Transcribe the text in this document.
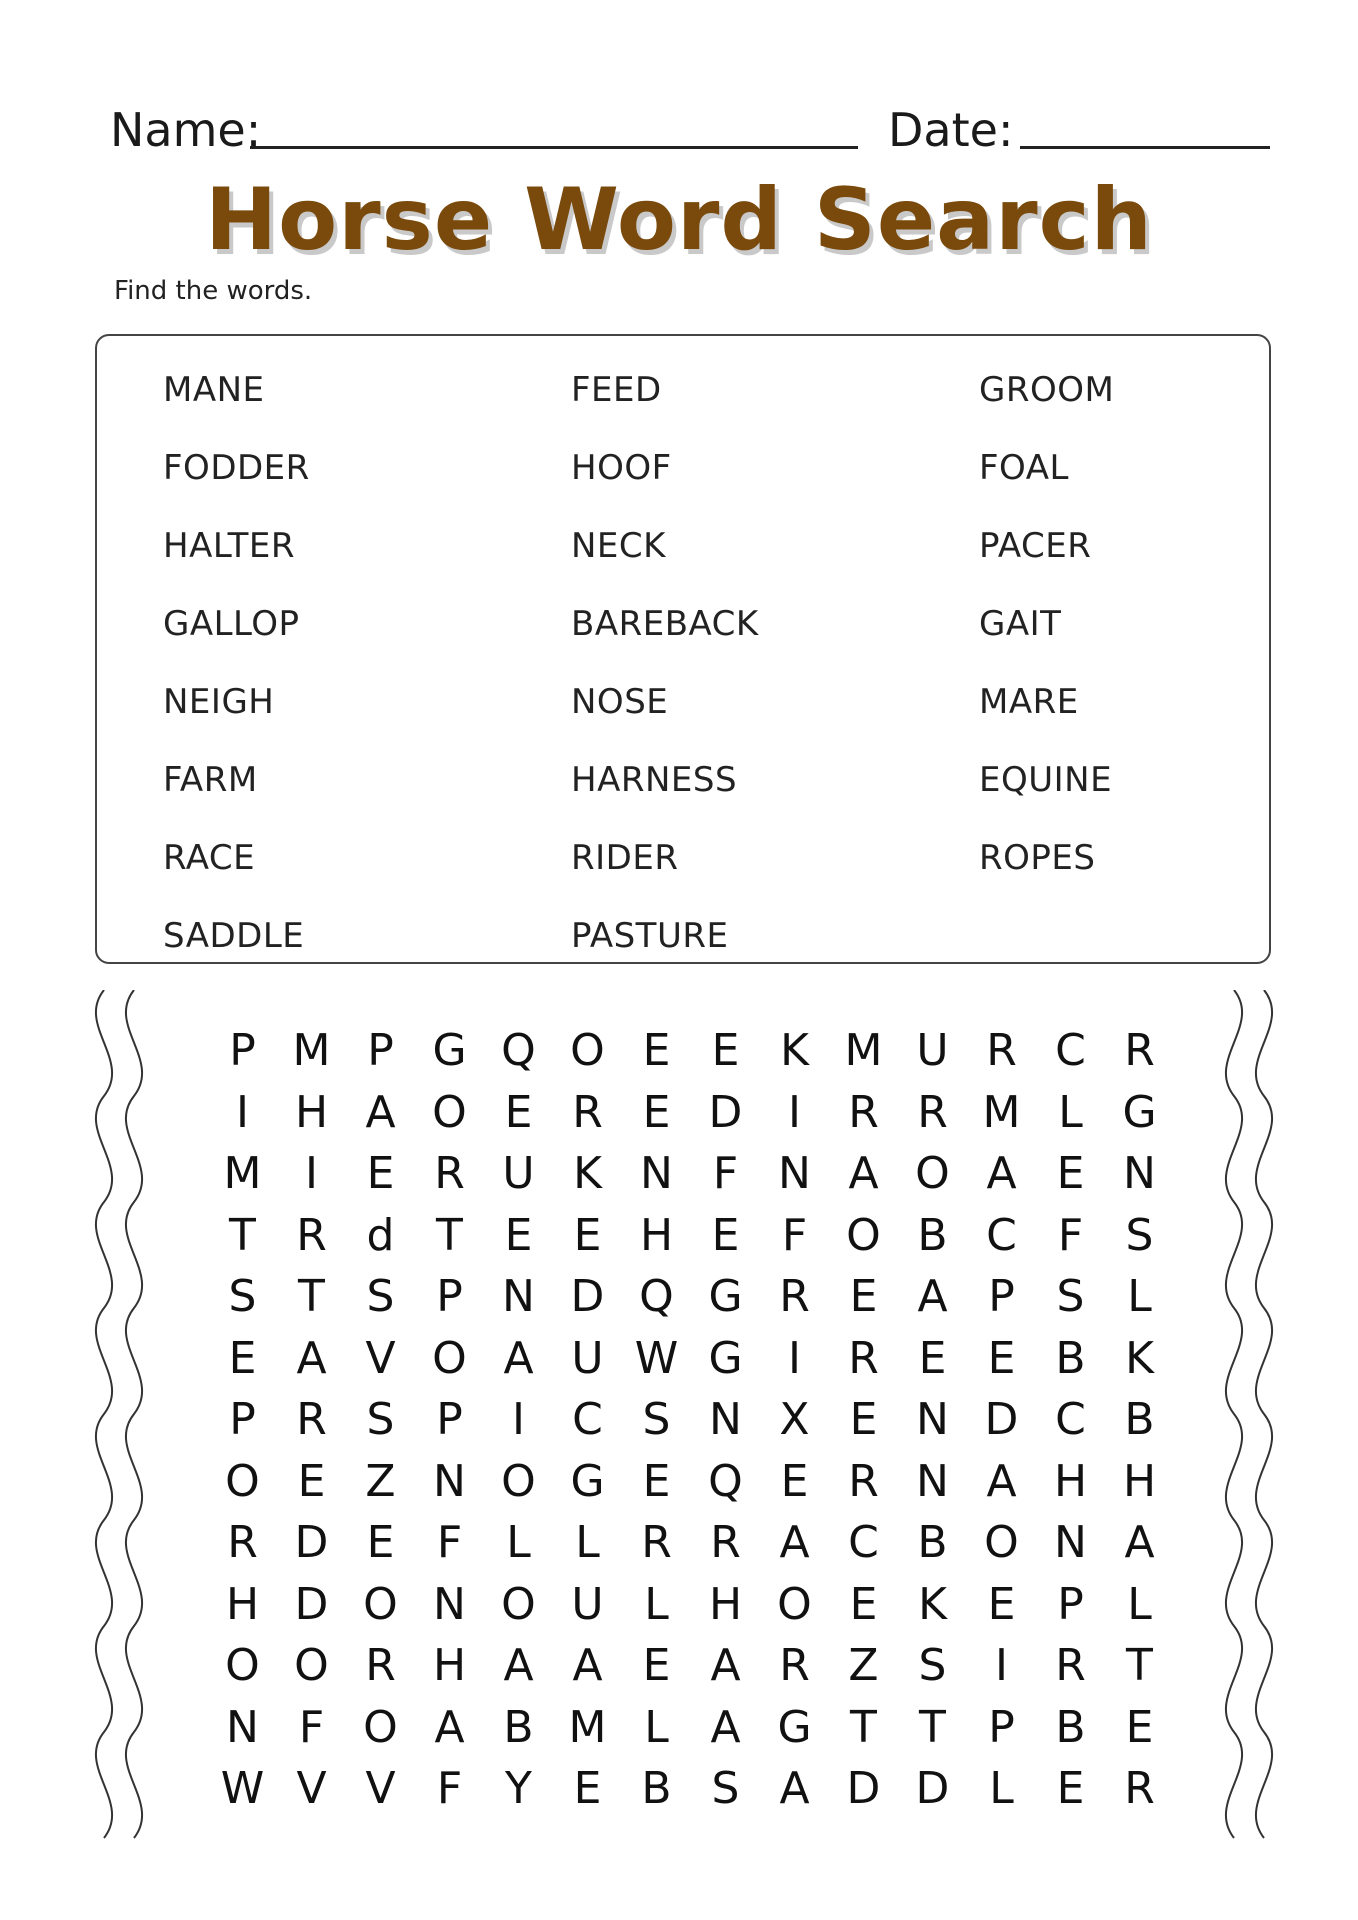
Name:	Date:
Horse Word Search
Find the words.
MANE	FEED	GROOM
FODDER	HOOF	FOAL
HALTER	NECK	PACER
GALLOP	BAREBACK	GAIT
NEIGH	NOSE	MARE
FARM	HARNESS	EQUINE
RACE	RIDER	ROPES
SADDLE	PASTURE
P M P G Q O E E K M U R C R
I	H A O E R E D	I	R R M L G
M I	E R U K N F N A O A E N
T R d T E E H E F O B C F S
S T S P N D Q G R E A P S L
E A V O A U W G	I	R E E B K
P R S P	I	C S N X E N D C B
O E Z N O G E Q E R N A H H
R D E F	L	L R R A C B O N A
H D O N O U L H O E K E P L
O O R H A A E A R Z S	I	R T
N F O A B M L A G T T P B E
W V V F Y E B S A D D L E R
